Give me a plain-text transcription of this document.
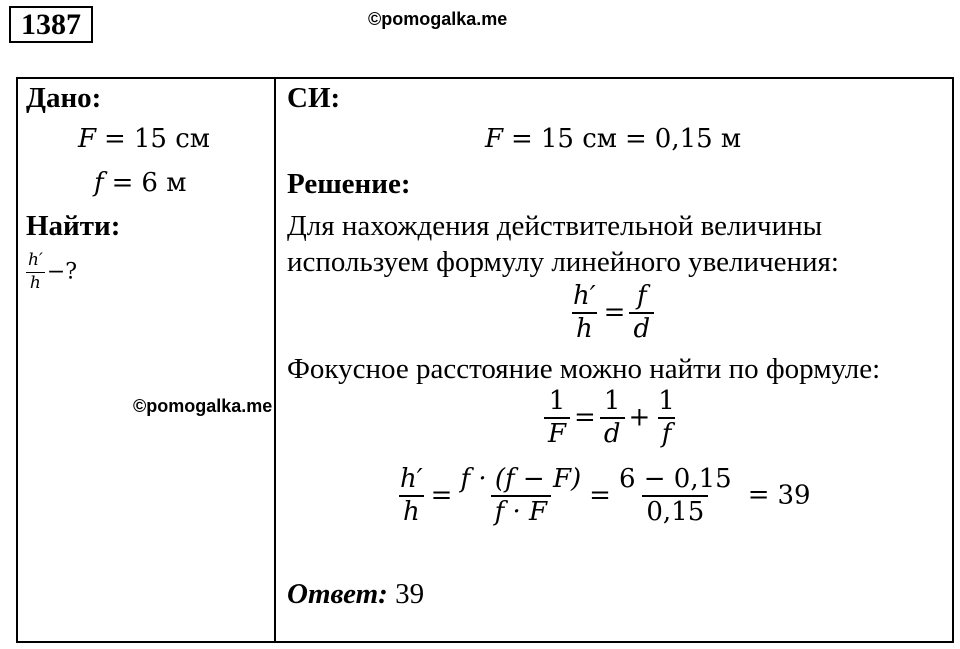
1387	©pomogalka.me
Дано:
F = 15 см
f = 6 м
Найти:
$\frac{h'}{h}$ −?
©pomogalka.me
СИ:
F = 15 см = 0,15 м
Решение:
Для нахождения действительной величины
используем формулу линейного увеличения:
$\frac{h'}{h} = \frac{f}{d}$
Фокусное расстояние можно найти по формуле:
$\frac{1}{F} = \frac{1}{d} + \frac{1}{f}$
$\frac{h'}{h} = \frac{f \cdot (f - F)}{f \cdot F} = \frac{6 - 0,15}{0,15} = 39$
Ответ: 39
